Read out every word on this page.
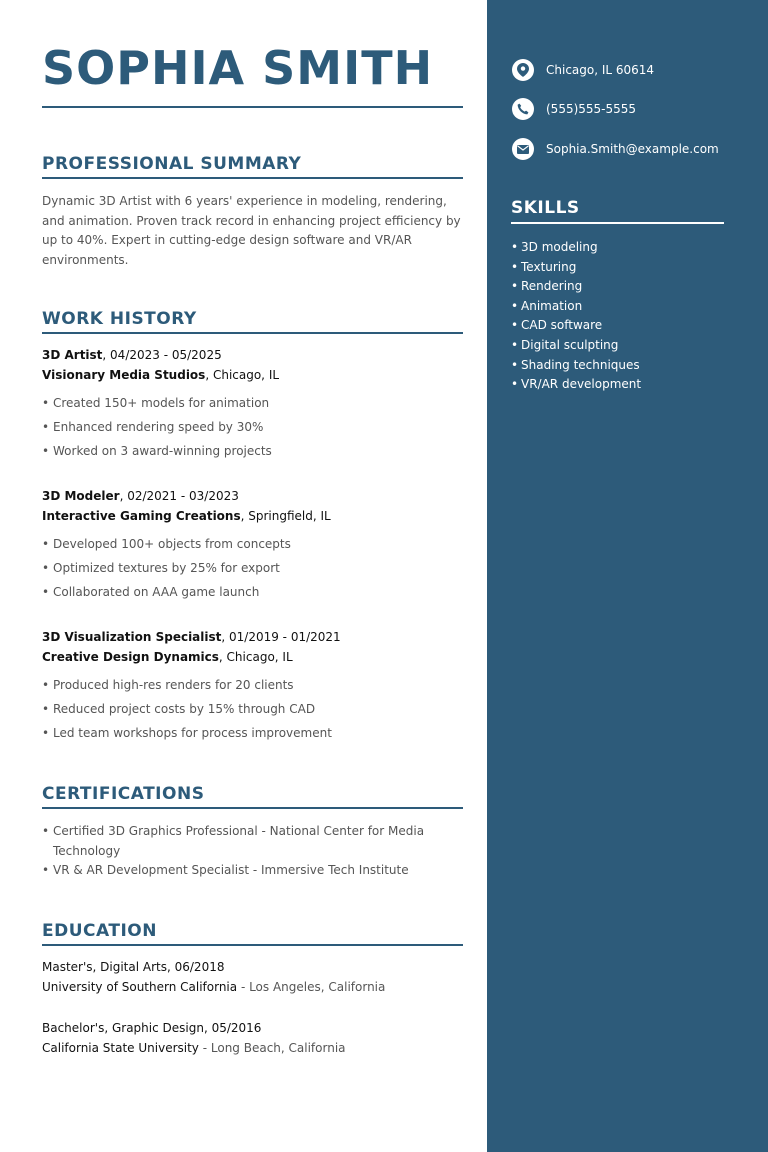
SOPHIA SMITH
PROFESSIONAL SUMMARY

Dynamic 3D Artist with 6 years' experience in modeling, rendering, and animation. Proven track record in enhancing project efficiency by up to 40%. Expert in cutting-edge design software and VR/AR environments.

WORK HISTORY
3D Artist, 04/2023 - 05/2025
Visionary Media Studios, Chicago, IL
• Created 150+ models for animation
• Enhanced rendering speed by 30%
• Worked on 3 award-winning projects
3D Modeler, 02/2021 - 03/2023
Interactive Gaming Creations, Springfield, IL
• Developed 100+ objects from concepts
• Optimized textures by 25% for export
• Collaborated on AAA game launch
3D Visualization Specialist, 01/2019 - 01/2021
Creative Design Dynamics, Chicago, IL
• Produced high-res renders for 20 clients
• Reduced project costs by 15% through CAD
• Led team workshops for process improvement
CERTIFICATIONS
• Certified 3D Graphics Professional - National Center for Media Technology
• VR & AR Development Specialist - Immersive Tech Institute
EDUCATION
Master's, Digital Arts, 06/2018
University of Southern California - Los Angeles, California
Bachelor's, Graphic Design, 05/2016
California State University - Long Beach, California
Chicago, IL 60614
(555)555-5555
Sophia.Smith@example.com
SKILLS
• 3D modeling
• Texturing
• Rendering
• Animation
• CAD software
• Digital sculpting
• Shading techniques
• VR/AR development
